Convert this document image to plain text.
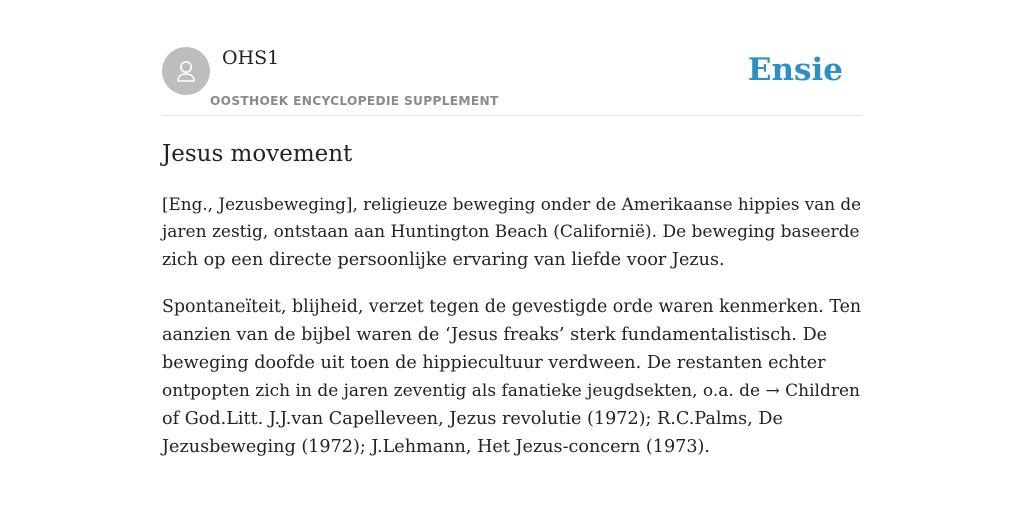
OHS1
OOSTHOEK ENCYCLOPEDIE SUPPLEMENT
Ensie
Jesus movement

[Eng., Jezusbeweging], religieuze beweging onder de Amerikaanse hippies van de
jaren zestig, ontstaan aan Huntington Beach (Californië). De beweging baseerde
zich op een directe persoonlijke ervaring van liefde voor Jezus.

Spontaneïteit, blijheid, verzet tegen de gevestigde orde waren kenmerken. Ten
aanzien van de bijbel waren de ‘Jesus freaks’ sterk fundamentalistisch. De
beweging doofde uit toen de hippiecultuur verdween. De restanten echter
ontpopten zich in de jaren zeventig als fanatieke jeugdsekten, o.a. de → Children
of God.Litt. J.J.van Capelleveen, Jezus revolutie (1972); R.C.Palms, De
Jezusbeweging (1972); J.Lehmann, Het Jezus-concern (1973).
